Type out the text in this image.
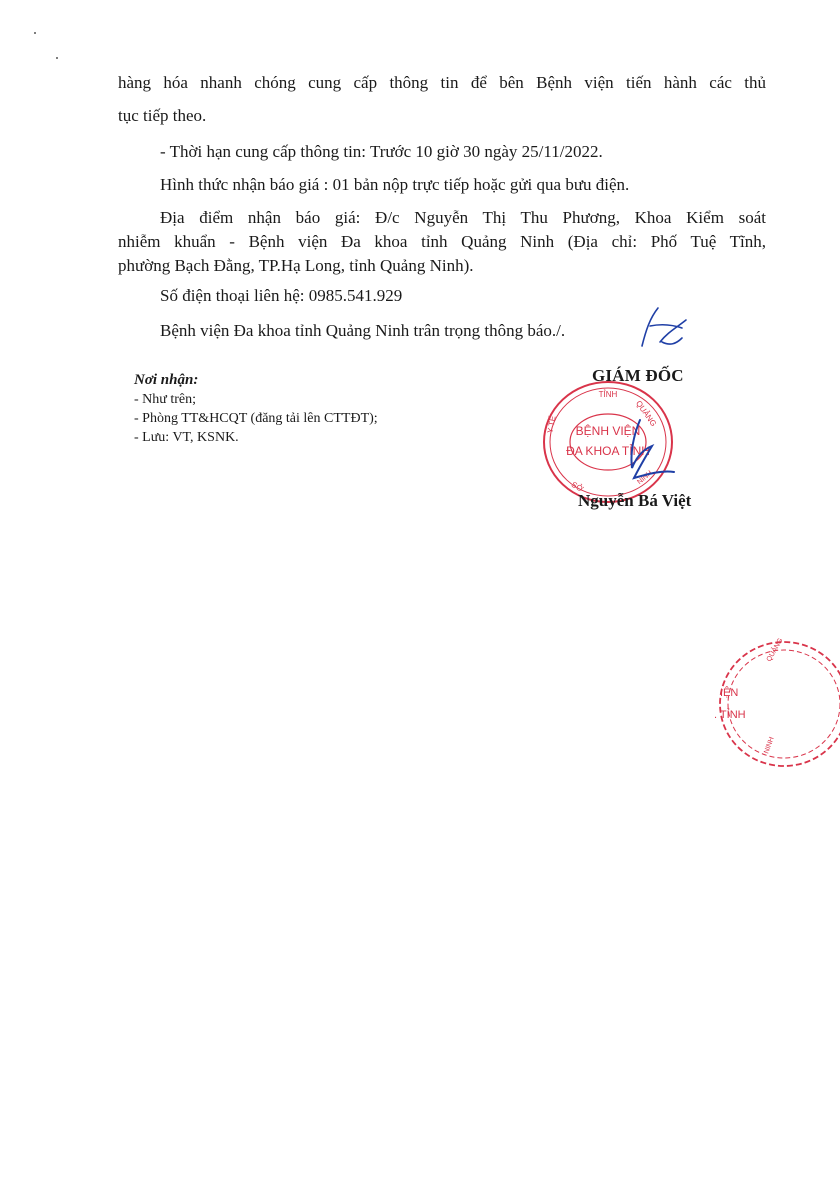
hàng hóa nhanh chóng cung cấp thông tin để bên Bệnh viện tiến hành các thủ
tục tiếp theo.
- Thời hạn cung cấp thông tin: Trước 10 giờ 30 ngày 25/11/2022.
Hình thức nhận báo giá : 01 bản nộp trực tiếp hoặc gửi qua bưu điện.
Địa điểm nhận báo giá: Đ/c Nguyễn Thị Thu Phương, Khoa Kiểm soát
nhiễm khuẩn - Bệnh viện Đa khoa tỉnh Quảng Ninh (Địa chỉ: Phố Tuệ Tĩnh,
phường Bạch Đằng, TP.Hạ Long, tỉnh Quảng Ninh).
Số điện thoại liên hệ: 0985.541.929
Bệnh viện Đa khoa tỉnh Quảng Ninh trân trọng thông báo./.
Nơi nhận:
- Như trên;
- Phòng TT&HCQT (đăng tải lên CTTĐT);
- Lưu: VT, KSNK.
TỈNH
QUẢNG
Y TẾ
SỞ
NINH
BỆNH VIỆN
ĐA KHOA TỈNH
GIÁM ĐỐC
Nguyễn Bá Việt
IỆN
. TỈNH
QUẢNG
NINH
